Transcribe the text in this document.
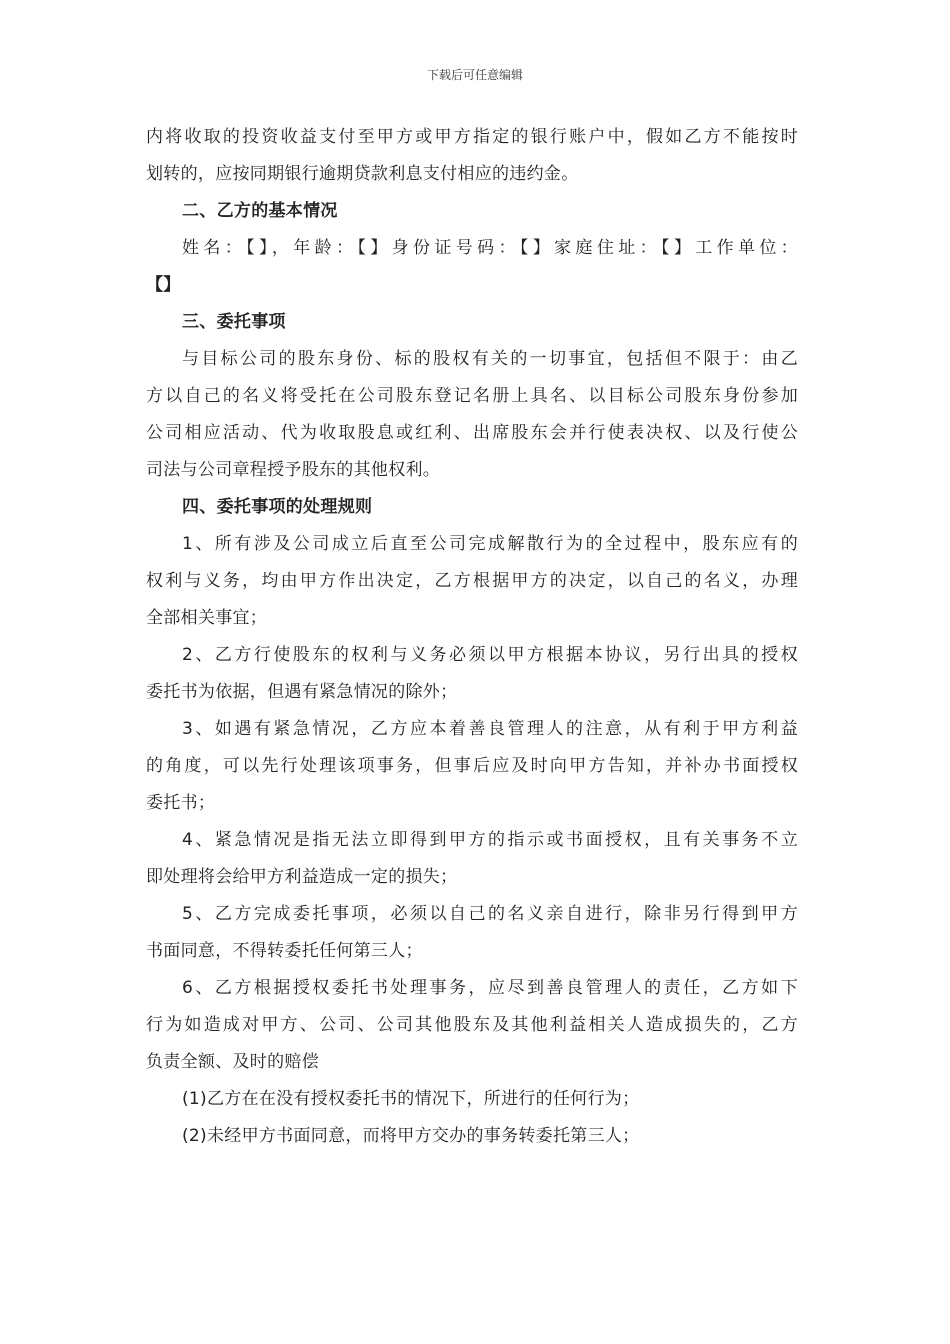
下载后可任意编辑
内将收取的投资收益支付至甲方或甲方指定的银行账户中，假如乙方不能按时
划转的，应按同期银行逾期贷款利息支付相应的违约金。
二、乙方的基本情况
姓名：【】，年龄：【】身份证号码：【】家庭住址：【】工作单位：
【】
三、委托事项
与目标公司的股东身份、标的股权有关的一切事宜，包括但不限于：由乙
方以自己的名义将受托在公司股东登记名册上具名、以目标公司股东身份参加
公司相应活动、代为收取股息或红利、出席股东会并行使表决权、以及行使公
司法与公司章程授予股东的其他权利。
四、委托事项的处理规则
1、所有涉及公司成立后直至公司完成解散行为的全过程中，股东应有的
权利与义务，均由甲方作出决定，乙方根据甲方的决定，以自己的名义，办理
全部相关事宜；
2、乙方行使股东的权利与义务必须以甲方根据本协议，另行出具的授权
委托书为依据，但遇有紧急情况的除外；
3、如遇有紧急情况，乙方应本着善良管理人的注意，从有利于甲方利益
的角度，可以先行处理该项事务，但事后应及时向甲方告知，并补办书面授权
委托书；
4、紧急情况是指无法立即得到甲方的指示或书面授权，且有关事务不立
即处理将会给甲方利益造成一定的损失；
5、乙方完成委托事项，必须以自己的名义亲自进行，除非另行得到甲方
书面同意，不得转委托任何第三人；
6、乙方根据授权委托书处理事务，应尽到善良管理人的责任，乙方如下
行为如造成对甲方、公司、公司其他股东及其他利益相关人造成损失的，乙方
负责全额、及时的赔偿
(1)乙方在在没有授权委托书的情况下，所进行的任何行为；
(2)未经甲方书面同意，而将甲方交办的事务转委托第三人；
